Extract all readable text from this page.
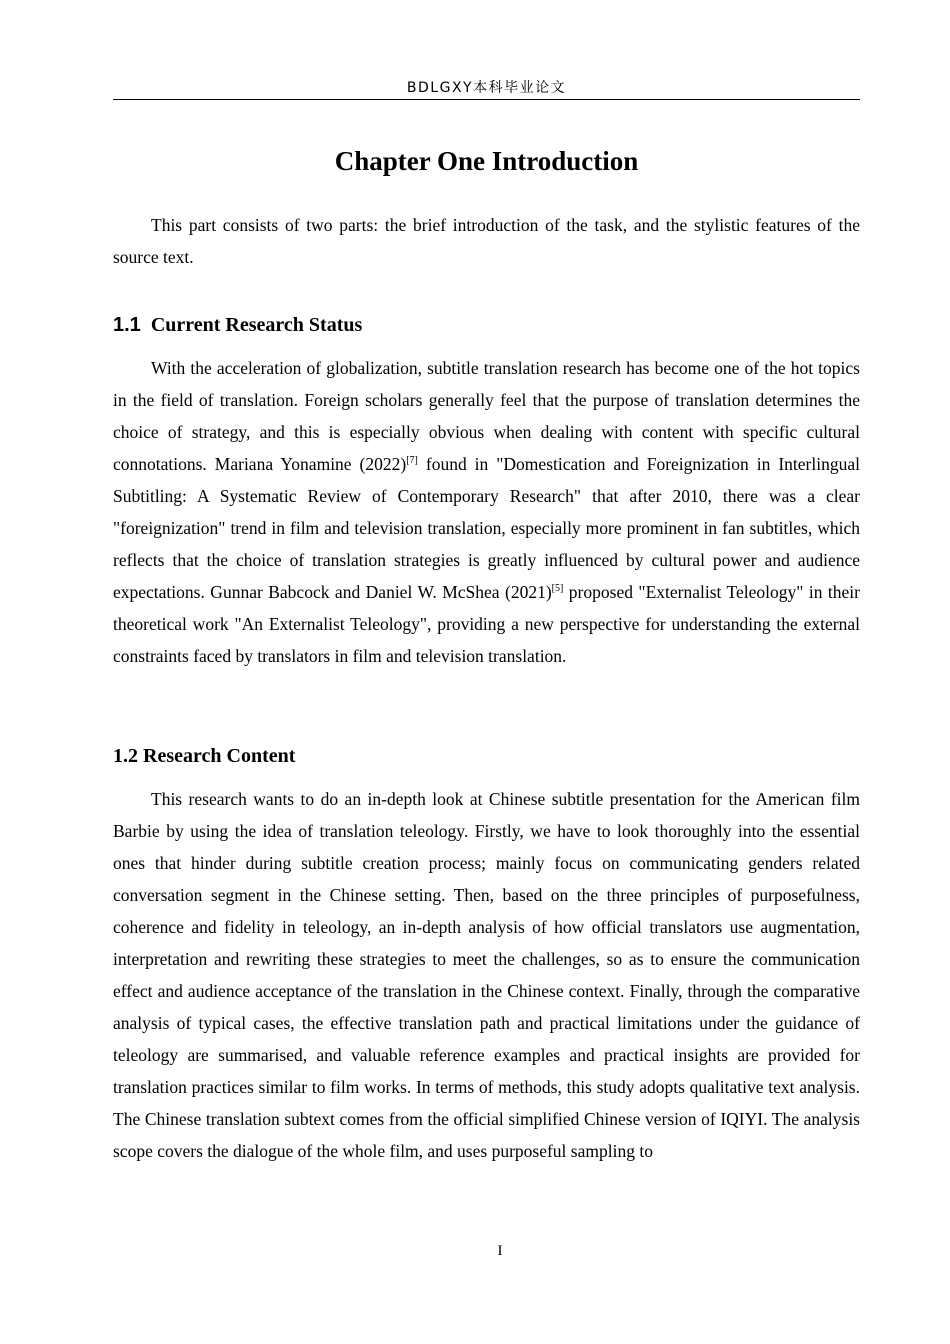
BDLGXY本科毕业论文
Chapter One Introduction

This part consists of two parts: the brief introduction of the task, and the stylistic features of the source text.

1.1 Current Research Status

With the acceleration of globalization, subtitle translation research has become one of the hot topics in the field of translation. Foreign scholars generally feel that the purpose of translation determines the choice of strategy, and this is especially obvious when dealing with content with specific cultural connotations. Mariana Yonamine (2022)[7] found in "Domestication and Foreignization in Interlingual Subtitling: A Systematic Review of Contemporary Research" that after 2010, there was a clear "foreignization" trend in film and television translation, especially more prominent in fan subtitles, which reflects that the choice of translation strategies is greatly influenced by cultural power and audience expectations. Gunnar Babcock and Daniel W. McShea (2021)[5] proposed "Externalist Teleology" in their theoretical work "An Externalist Teleology", providing a new perspective for understanding the external constraints faced by translators in film and television translation.

1.2 Research Content

This research wants to do an in-depth look at Chinese subtitle presentation for the American film Barbie by using the idea of translation teleology. Firstly, we have to look thoroughly into the essential ones that hinder during subtitle creation process; mainly focus on communicating genders related conversation segment in the Chinese setting. Then, based on the three principles of purposefulness, coherence and fidelity in teleology, an in-depth analysis of how official translators use augmentation, interpretation and rewriting these strategies to meet the challenges, so as to ensure the communication effect and audience acceptance of the translation in the Chinese context. Finally, through the comparative analysis of typical cases, the effective translation path and practical limitations under the guidance of teleology are summarised, and valuable reference examples and practical insights are provided for translation practices similar to film works. In terms of methods, this study adopts qualitative text analysis. The Chinese translation subtext comes from the official simplified Chinese version of IQIYI. The analysis scope covers the dialogue of the whole film, and uses purposeful sampling to

I
